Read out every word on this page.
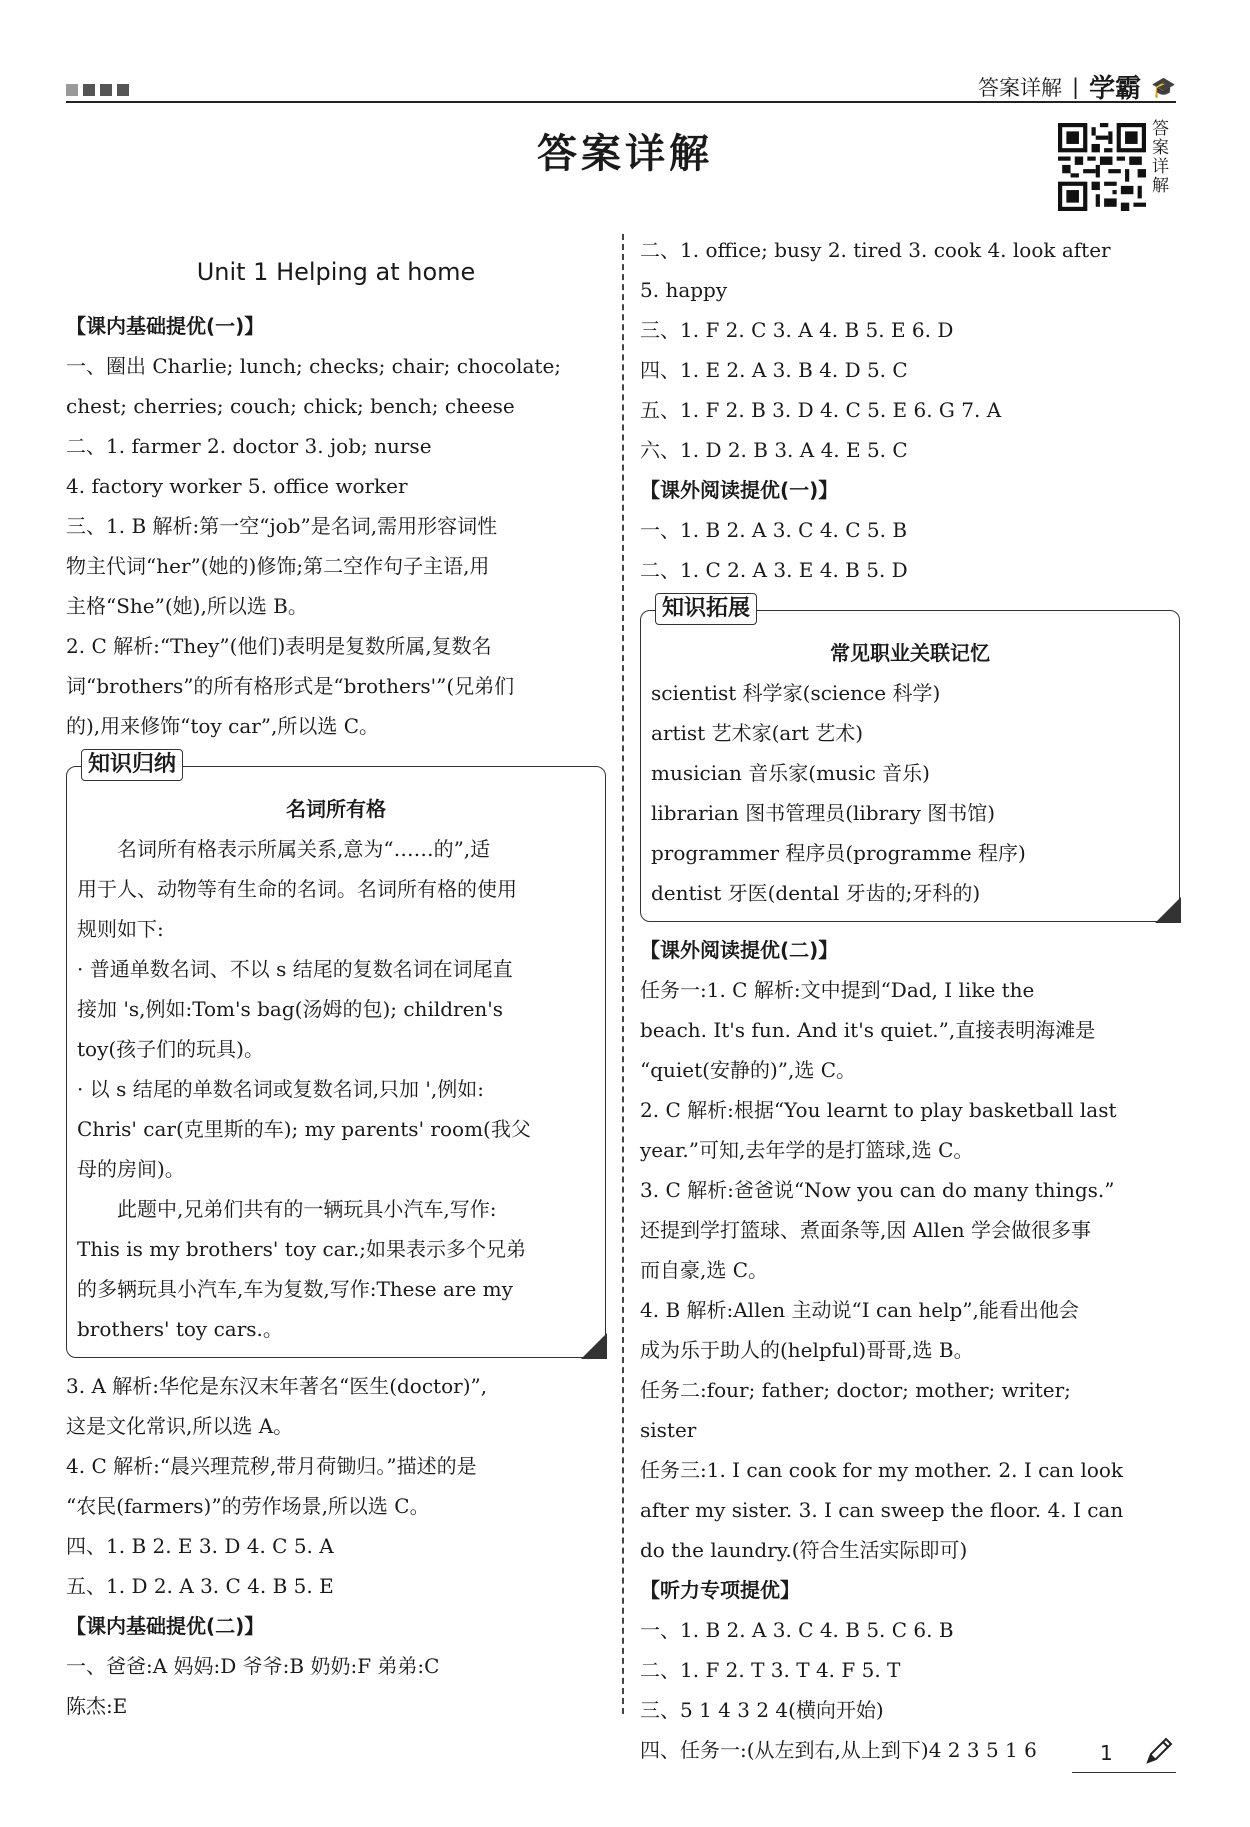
答案详解 | 学霸 🎓
答案详解
答案详解
Unit 1 Helping at home
【课内基础提优(一)】
一、圈出 Charlie; lunch; checks; chair; chocolate;
chest; cherries; couch; chick; bench; cheese
二、1. farmer 2. doctor 3. job; nurse
4. factory worker 5. office worker
三、1. B 解析:第一空“job”是名词,需用形容词性
物主代词“her”(她的)修饰;第二空作句子主语,用
主格“She”(她),所以选 B。
2. C 解析:“They”(他们)表明是复数所属,复数名
词“brothers”的所有格形式是“brothers'”(兄弟们
的),用来修饰“toy car”,所以选 C。
知识归纳
名词所有格
　　名词所有格表示所属关系,意为“……的”,适
用于人、动物等有生命的名词。名词所有格的使用
规则如下:
· 普通单数名词、不以 s 结尾的复数名词在词尾直
接加 's,例如:Tom's bag(汤姆的包); children's
toy(孩子们的玩具)。
· 以 s 结尾的单数名词或复数名词,只加 ',例如:
Chris' car(克里斯的车); my parents' room(我父
母的房间)。
　　此题中,兄弟们共有的一辆玩具小汽车,写作:
This is my brothers' toy car.;如果表示多个兄弟
的多辆玩具小汽车,车为复数,写作:These are my
brothers' toy cars.。
3. A 解析:华佗是东汉末年著名“医生(doctor)”,
这是文化常识,所以选 A。
4. C 解析:“晨兴理荒秽,带月荷锄归。”描述的是
“农民(farmers)”的劳作场景,所以选 C。
四、1. B 2. E 3. D 4. C 5. A
五、1. D 2. A 3. C 4. B 5. E
【课内基础提优(二)】
一、爸爸:A 妈妈:D 爷爷:B 奶奶:F 弟弟:C
陈杰:E
二、1. office; busy 2. tired 3. cook 4. look after
5. happy
三、1. F 2. C 3. A 4. B 5. E 6. D
四、1. E 2. A 3. B 4. D 5. C
五、1. F 2. B 3. D 4. C 5. E 6. G 7. A
六、1. D 2. B 3. A 4. E 5. C
【课外阅读提优(一)】
一、1. B 2. A 3. C 4. C 5. B
二、1. C 2. A 3. E 4. B 5. D
知识拓展
常见职业关联记忆
scientist 科学家(science 科学)
artist 艺术家(art 艺术)
musician 音乐家(music 音乐)
librarian 图书管理员(library 图书馆)
programmer 程序员(programme 程序)
dentist 牙医(dental 牙齿的;牙科的)
【课外阅读提优(二)】
任务一:1. C 解析:文中提到“Dad, I like the
beach. It's fun. And it's quiet.”,直接表明海滩是
“quiet(安静的)”,选 C。
2. C 解析:根据“You learnt to play basketball last
year.”可知,去年学的是打篮球,选 C。
3. C 解析:爸爸说“Now you can do many things.”
还提到学打篮球、煮面条等,因 Allen 学会做很多事
而自豪,选 C。
4. B 解析:Allen 主动说“I can help”,能看出他会
成为乐于助人的(helpful)哥哥,选 B。
任务二:four; father; doctor; mother; writer;
sister
任务三:1. I can cook for my mother. 2. I can look
after my sister. 3. I can sweep the floor. 4. I can
do the laundry.(符合生活实际即可)
【听力专项提优】
一、1. B 2. A 3. C 4. B 5. C 6. B
二、1. F 2. T 3. T 4. F 5. T
三、5 1 4 3 2 4(横向开始)
四、任务一:(从左到右,从上到下)4 2 3 5 1 6	1
